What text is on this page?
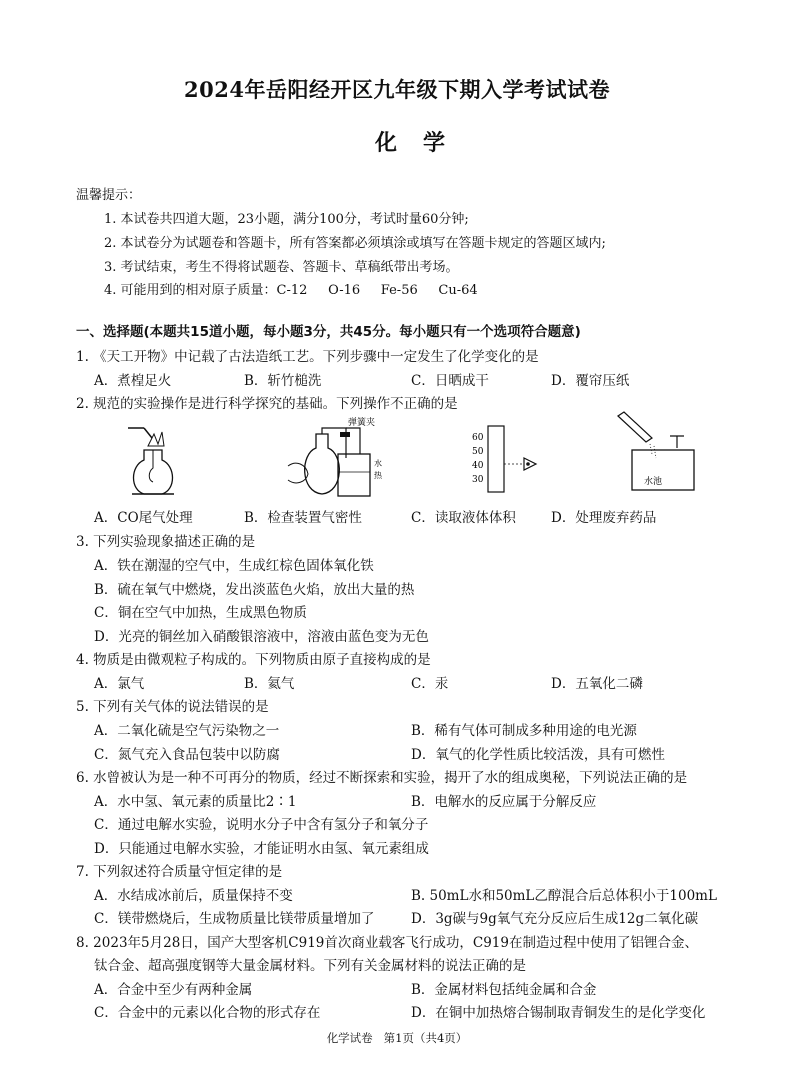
2024年岳阳经开区九年级下期入学考试试卷
化学
温馨提示：
1. 本试卷共四道大题，23小题，满分100分，考试时量60分钟;
2. 本试卷分为试题卷和答题卡，所有答案都必须填涂或填写在答题卡规定的答题区域内;
3. 考试结束，考生不得将试题卷、答题卡、草稿纸带出考场。
4. 可能用到的相对原子质量：C-12     O-16     Fe-56     Cu-64
一、选择题(本题共15道小题，每小题3分，共45分。每小题只有一个选项符合题意)
1. 《天工开物》中记载了古法造纸工艺。下列步骤中一定发生了化学变化的是
A．煮楻足火	B．斩竹槌洗	C．日晒成干	D．覆帘压纸
2. 规范的实验操作是进行科学探究的基础。下列操作不正确的是
弹簧夹
水
热
60
50
40
30	水池
A．CO尾气处理	B．检查装置气密性	C．读取液体体积	D．处理废弃药品
3. 下列实验现象描述正确的是
A．铁在潮湿的空气中，生成红棕色固体氧化铁
B．硫在氧气中燃烧，发出淡蓝色火焰，放出大量的热
C．铜在空气中加热，生成黑色物质
D．光亮的铜丝加入硝酸银溶液中，溶液由蓝色变为无色
4. 物质是由微观粒子构成的。下列物质由原子直接构成的是
A．氯气	B．氦气	C．汞	D．五氧化二磷
5. 下列有关气体的说法错误的是
A．二氧化硫是空气污染物之一	B．稀有气体可制成多种用途的电光源
C．氮气充入食品包装中以防腐	D．氧气的化学性质比较活泼，具有可燃性
6. 水曾被认为是一种不可再分的物质，经过不断探索和实验，揭开了水的组成奥秘，下列说法正确的是
A．水中氢、氧元素的质量比2∶1	B．电解水的反应属于分解反应
C．通过电解水实验，说明水分子中含有氢分子和氧分子
D．只能通过电解水实验，才能证明水由氢、氧元素组成
7. 下列叙述符合质量守恒定律的是
A．水结成冰前后，质量保持不变	B. 50mL水和50mL乙醇混合后总体积小于100mL
C．镁带燃烧后，生成物质量比镁带质量增加了	D．3g碳与9g氧气充分反应后生成12g二氧化碳
8. 2023年5月28日，国产大型客机C919首次商业载客飞行成功，C919在制造过程中使用了铝锂合金、
钛合金、超高强度钢等大量金属材料。下列有关金属材料的说法正确的是
A．合金中至少有两种金属	B．金属材料包括纯金属和合金
C．合金中的元素以化合物的形式存在	D．在铜中加热熔合锡制取青铜发生的是化学变化
化学试卷   第1页（共4页）
